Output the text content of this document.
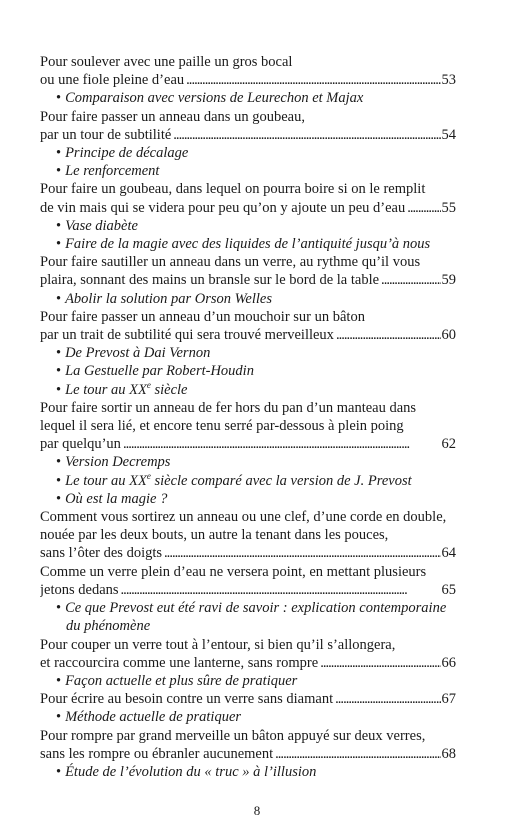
Pour soulever avec une paille un gros bocal
ou une fiole pleine d’eau . . .	53
• Comparaison avec versions de Leurechon et Majax
Pour faire passer un anneau dans un goubeau,
par un tour de subtilité . . .	54
• Principe de décalage
• Le renforcement
Pour faire un goubeau, dans lequel on pourra boire si on le remplit
de vin mais qui se videra pour peu qu’on y ajoute un peu d’eau . . .	55
• Vase diabète
• Faire de la magie avec des liquides de l’antiquité jusqu’à nous
Pour faire sautiller un anneau dans un verre, au rythme qu’il vous
plaira, sonnant des mains un bransle sur le bord de la table . . .	59
• Abolir la solution par Orson Welles
Pour faire passer un anneau d’un mouchoir sur un bâton
par un trait de subtilité qui sera trouvé merveilleux . . .	60
• De Prevost à Dai Vernon
• La Gestuelle par Robert-Houdin
• Le tour au XXe siècle
Pour faire sortir un anneau de fer hors du pan d’un manteau dans
lequel il sera lié, et encore tenu serré par-dessous à plein poing
par quelqu’un . . .	62
• Version Decremps
• Le tour au XXe siècle comparé avec la version de J. Prevost
• Où est la magie ?
Comment vous sortirez un anneau ou une clef, d’une corde en double,
nouée par les deux bouts, un autre la tenant dans les pouces,
sans l’ôter des doigts . . .	64
Comme un verre plein d’eau ne versera point, en mettant plusieurs
jetons dedans . . .	65
• Ce que Prevost eut été ravi de savoir : explication contemporaine
du phénomène
Pour couper un verre tout à l’entour, si bien qu’il s’allongera,
et raccourcira comme une lanterne, sans rompre . . .	66
• Façon actuelle et plus sûre de pratiquer
Pour écrire au besoin contre un verre sans diamant . . .	67
• Méthode actuelle de pratiquer
Pour rompre par grand merveille un bâton appuyé sur deux verres,
sans les rompre ou ébranler aucunement . . .	68
• Étude de l’évolution du « truc » à l’illusion
8
